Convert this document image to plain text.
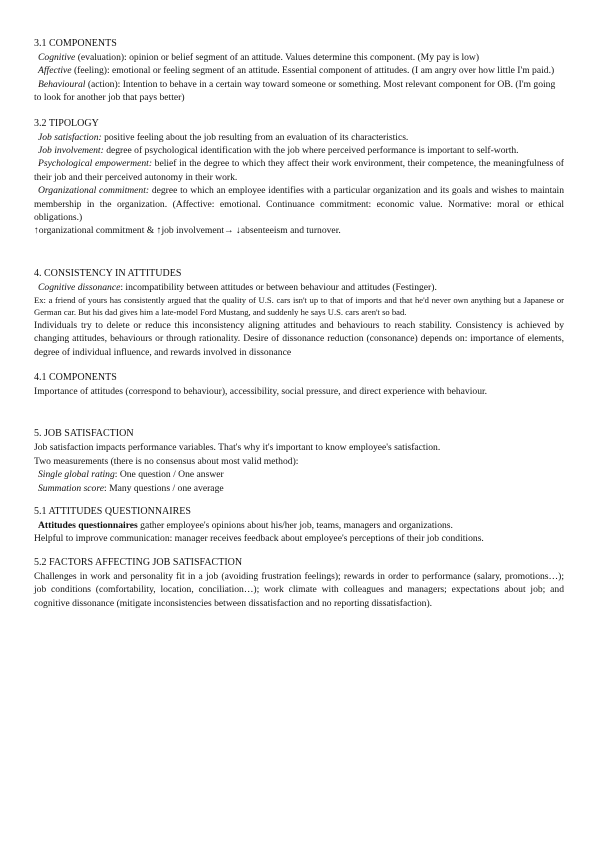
3.1 COMPONENTS

Cognitive (evaluation): opinion or belief segment of an attitude. Values determine this component. (My pay is low)

Affective (feeling): emotional or feeling segment of an attitude. Essential component of attitudes. (I am angry over how little I'm paid.)

Behavioural (action): Intention to behave in a certain way toward someone or something. Most relevant component for OB. (I'm going to look for another job that pays better)

3.2 TIPOLOGY

Job satisfaction: positive feeling about the job resulting from an evaluation of its characteristics.

Job involvement: degree of psychological identification with the job where perceived performance is important to self-worth.

Psychological empowerment: belief in the degree to which they affect their work environment, their competence, the meaningfulness of their job and their perceived autonomy in their work.

Organizational commitment: degree to which an employee identifies with a particular organization and its goals and wishes to maintain membership in the organization. (Affective: emotional. Continuance commitment: economic value. Normative: moral or ethical obligations.)

↑organizational commitment & ↑job involvement→ ↓absenteeism and turnover.

4. CONSISTENCY IN ATTITUDES

Cognitive dissonance: incompatibility between attitudes or between behaviour and attitudes (Festinger).

Ex: a friend of yours has consistently argued that the quality of U.S. cars isn't up to that of imports and that he'd never own anything but a Japanese or German car. But his dad gives him a late-model Ford Mustang, and suddenly he says U.S. cars aren't so bad.

Individuals try to delete or reduce this inconsistency aligning attitudes and behaviours to reach stability. Consistency is achieved by changing attitudes, behaviours or through rationality. Desire of dissonance reduction (consonance) depends on: importance of elements, degree of individual influence, and rewards involved in dissonance

4.1 COMPONENTS

Importance of attitudes (correspond to behaviour), accessibility, social pressure, and direct experience with behaviour.

5. JOB SATISFACTION

Job satisfaction impacts performance variables. That's why it's important to know employee's satisfaction.

Two measurements (there is no consensus about most valid method):

Single global rating: One question / One answer

Summation score: Many questions / one average

5.1 ATTITUDES QUESTIONNAIRES

Attitudes questionnaires gather employee's opinions about his/her job, teams, managers and organizations.

Helpful to improve communication: manager receives feedback about employee's perceptions of their job conditions.

5.2 FACTORS AFFECTING JOB SATISFACTION

Challenges in work and personality fit in a job (avoiding frustration feelings); rewards in order to performance (salary, promotions…); job conditions (comfortability, location, conciliation…); work climate with colleagues and managers; expectations about job; and cognitive dissonance (mitigate inconsistencies between dissatisfaction and no reporting dissatisfaction).
